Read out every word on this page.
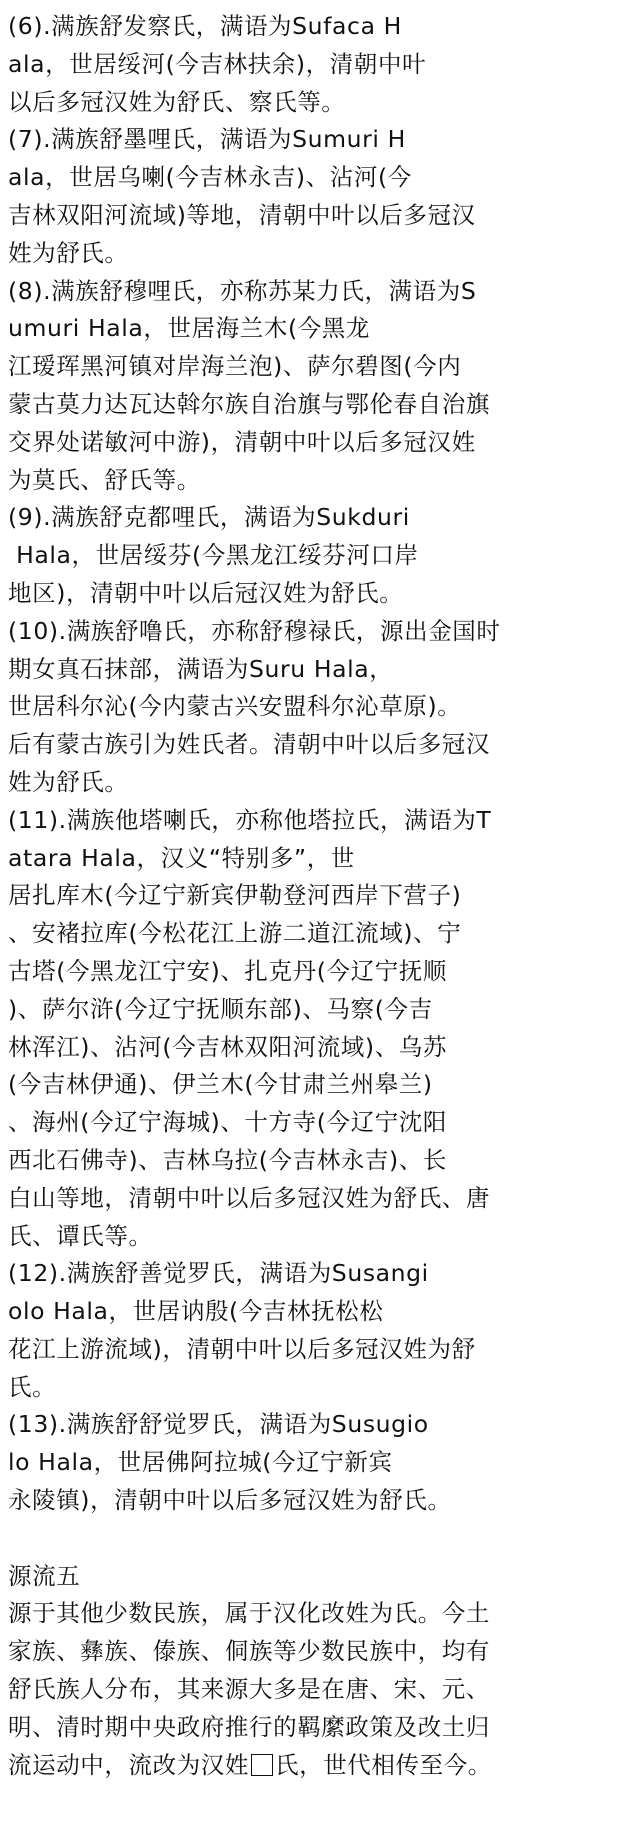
(6).满族舒发察氏，满语为Sufaca H
ala，世居绥河(今吉林扶余)，清朝中叶
以后多冠汉姓为舒氏、察氏等。
(7).满族舒墨哩氏，满语为Sumuri H
ala，世居乌喇(今吉林永吉)、沾河(今
吉林双阳河流域)等地，清朝中叶以后多冠汉
姓为舒氏。
(8).满族舒穆哩氏，亦称苏某力氏，满语为S
umuri Hala，世居海兰木(今黑龙
江瑷珲黑河镇对岸海兰泡)、萨尔碧图(今内
蒙古莫力达瓦达斡尔族自治旗与鄂伦春自治旗
交界处诺敏河中游)，清朝中叶以后多冠汉姓
为莫氏、舒氏等。
(9).满族舒克都哩氏，满语为Sukduri
Hala，世居绥芬(今黑龙江绥芬河口岸
地区)，清朝中叶以后冠汉姓为舒氏。
(10).满族舒噜氏，亦称舒穆禄氏，源出金国时
期女真石抹部，满语为Suru Hala，
世居科尔沁(今内蒙古兴安盟科尔沁草原)。
后有蒙古族引为姓氏者。清朝中叶以后多冠汉
姓为舒氏。
(11).满族他塔喇氏，亦称他塔拉氏，满语为T
atara Hala，汉义“特别多”，世
居扎库木(今辽宁新宾伊勒登河西岸下营子)
、安褚拉库(今松花江上游二道江流域)、宁
古塔(今黑龙江宁安)、扎克丹(今辽宁抚顺
)、萨尔浒(今辽宁抚顺东部)、马察(今吉
林浑江)、沾河(今吉林双阳河流域)、乌苏
(今吉林伊通)、伊兰木(今甘肃兰州皋兰)
、海州(今辽宁海城)、十方寺(今辽宁沈阳
西北石佛寺)、吉林乌拉(今吉林永吉)、长
白山等地，清朝中叶以后多冠汉姓为舒氏、唐
氏、谭氏等。
(12).满族舒善觉罗氏，满语为Susangi
olo Hala，世居讷殷(今吉林抚松松
花江上游流域)，清朝中叶以后多冠汉姓为舒
氏。
(13).满族舒舒觉罗氏，满语为Susugio
lo Hala，世居佛阿拉城(今辽宁新宾
永陵镇)，清朝中叶以后多冠汉姓为舒氏。
源流五
源于其他少数民族，属于汉化改姓为氏。今土
家族、彝族、傣族、侗族等少数民族中，均有
舒氏族人分布，其来源大多是在唐、宋、元、
明、清时期中央政府推行的羁縻政策及改土归
流运动中，流改为汉姓 氏，世代相传至今。
